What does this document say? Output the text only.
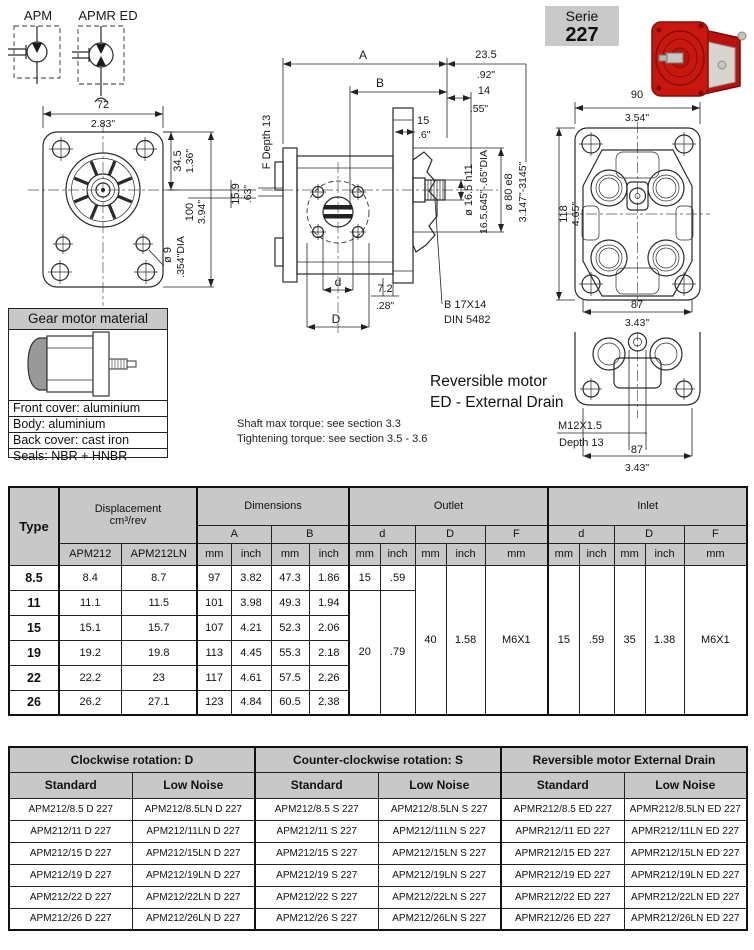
APM APMR ED	Serie
227
72
2.83"
34.5 1.36"
100 3.94"
15.9 .63"
ø 9 .354"DIA
A	23.5
.92"
B
14
.55"
15
.6"
F Depth 13
ø 16.5 h11 16.5.645"-.65"DIA ø 80 e8 3.147"-3145"
d	7.2
.28"
D
B 17X14
DIN 5482
90
3.54"
118 4.65"
87
3.43"
M12X1.5
Depth 13
87
3.43"
Reversible motor
ED - External Drain
Gear motor material
Front cover: aluminium
Body: aluminium
Back cover: cast iron
Seals: NBR + HNBR
Shaft max torque: see section 3.3
Tightening torque: see section 3.5 - 3.6
Type	Displacement
cm³/rev		Dimensions				Outlet					Inlet				
			A		B		d		D		F	d		D		F
	APM212	APM212LN	mm	inch	mm	inch	mm	inch	mm	inch	mm	mm	inch	mm	inch	mm
8.5	8.4	8.7	97	3.82	47.3	1.86	15	.59	40	1.58	M6X1	15	.59	35	1.38	M6X1
11	11.1	11.5	101	3.98	49.3	1.94	20	.79								
15	15.1	15.7	107	4.21	52.3	2.06										
19	19.2	19.8	113	4.45	55.3	2.18										
22	22.2	23	117	4.61	57.5	2.26										
26	26.2	27.1	123	4.84	60.5	2.38										
Clockwise rotation: D		Counter-clockwise rotation: S		Reversible motor External Drain	
Standard	Low Noise	Standard	Low Noise	Standard	Low Noise
APM212/8.5 D 227	APM212/8.5LN D 227	APM212/8.5 S 227	APM212/8.5LN S 227	APMR212/8.5 ED 227	APMR212/8.5LN ED 227
APM212/11 D 227	APM212/11LN D 227	APM212/11 S 227	APM212/11LN S 227	APMR212/11 ED 227	APMR212/11LN ED 227
APM212/15 D 227	APM212/15LN D 227	APM212/15 S 227	APM212/15LN S 227	APMR212/15 ED 227	APMR212/15LN ED 227
APM212/19 D 227	APM212/19LN D 227	APM212/19 S 227	APM212/19LN S 227	APMR212/19 ED 227	APMR212/19LN ED 227
APM212/22 D 227	APM212/22LN D 227	APM212/22 S 227	APM212/22LN S 227	APMR212/22 ED 227	APMR212/22LN ED 227
APM212/26 D 227	APM212/26LN D 227	APM212/26 S 227	APM212/26LN S 227	APMR212/26 ED 227	APMR212/26LN ED 227
